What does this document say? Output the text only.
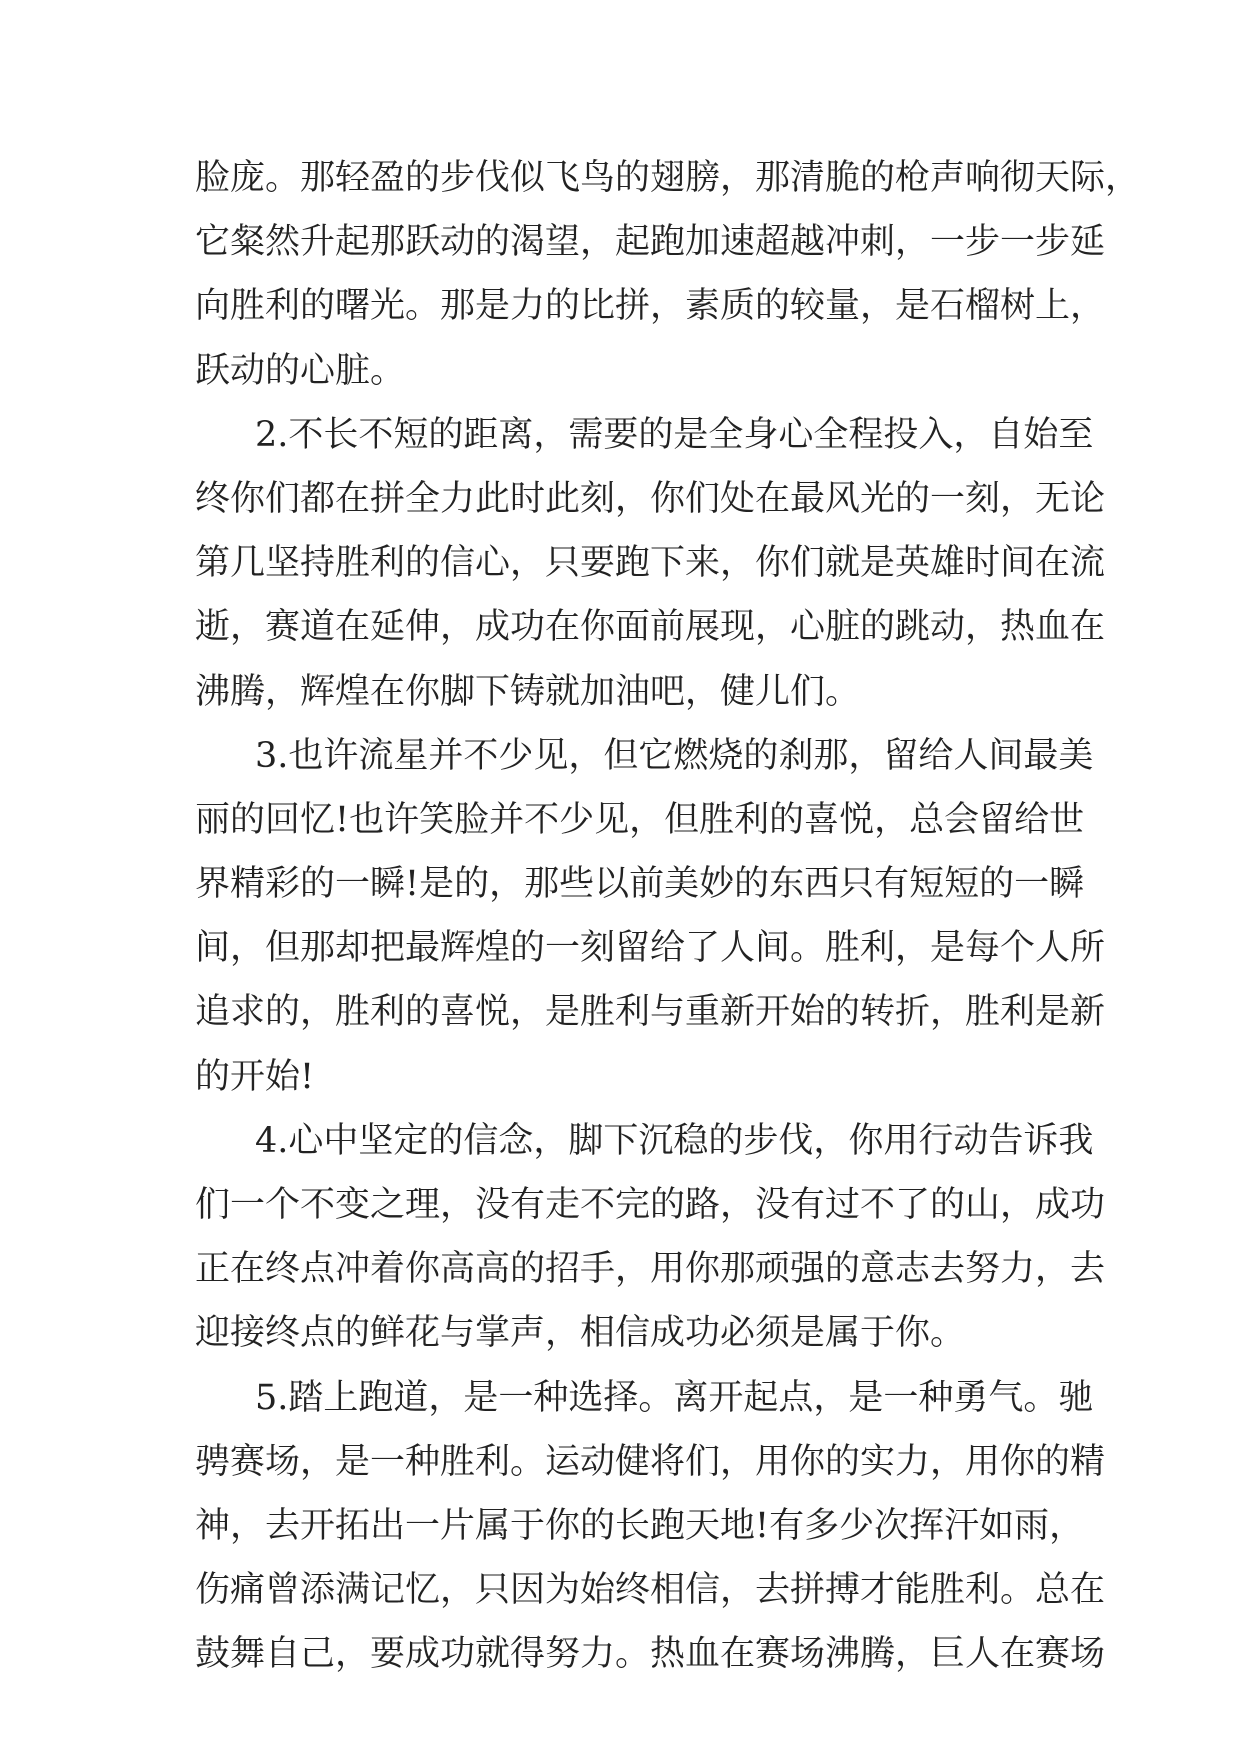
脸庞。那轻盈的步伐似飞鸟的翅膀，那清脆的枪声响彻天际，
它粲然升起那跃动的渴望，起跑加速超越冲刺，一步一步延
向胜利的曙光。那是力的比拼，素质的较量，是石榴树上，
跃动的心脏。
2.不长不短的距离，需要的是全身心全程投入，自始至
终你们都在拼全力此时此刻，你们处在最风光的一刻，无论
第几坚持胜利的信心，只要跑下来，你们就是英雄时间在流
逝，赛道在延伸，成功在你面前展现，心脏的跳动，热血在
沸腾，辉煌在你脚下铸就加油吧，健儿们。
3.也许流星并不少见，但它燃烧的刹那，留给人间最美
丽的回忆!也许笑脸并不少见，但胜利的喜悦，总会留给世
界精彩的一瞬!是的，那些以前美妙的东西只有短短的一瞬
间，但那却把最辉煌的一刻留给了人间。胜利，是每个人所
追求的，胜利的喜悦，是胜利与重新开始的转折，胜利是新
的开始!
4.心中坚定的信念，脚下沉稳的步伐，你用行动告诉我
们一个不变之理，没有走不完的路，没有过不了的山，成功
正在终点冲着你高高的招手，用你那顽强的意志去努力，去
迎接终点的鲜花与掌声，相信成功必须是属于你。
5.踏上跑道，是一种选择。离开起点，是一种勇气。驰
骋赛场，是一种胜利。运动健将们，用你的实力，用你的精
神，去开拓出一片属于你的长跑天地!有多少次挥汗如雨，
伤痛曾添满记忆，只因为始终相信，去拼搏才能胜利。总在
鼓舞自己，要成功就得努力。热血在赛场沸腾，巨人在赛场
